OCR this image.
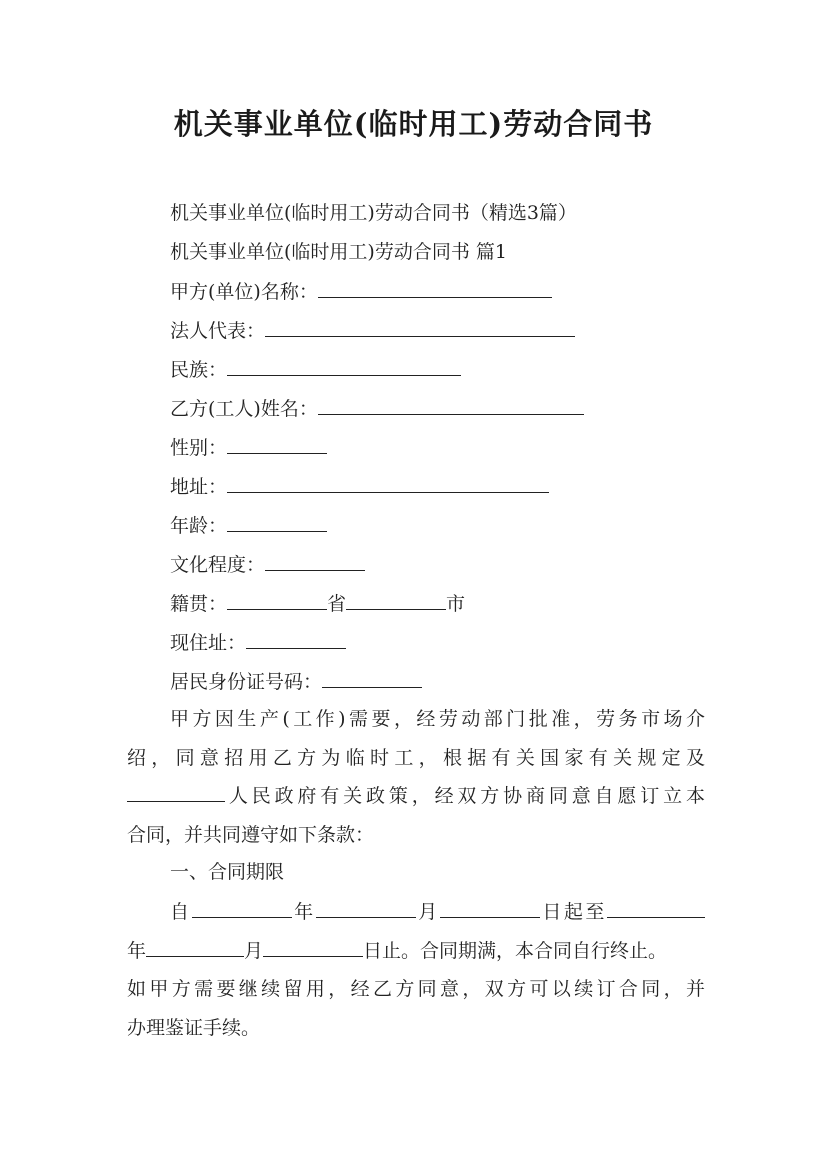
机关事业单位(临时用工)劳动合同书
机关事业单位(临时用工)劳动合同书（精选3篇）
机关事业单位(临时用工)劳动合同书 篇1
甲方(单位)名称：
法人代表：
民族：
乙方(工人)姓名：
性别：
地址：
年龄：
文化程度：
籍贯：	省	市
现住址：
居民身份证号码：
甲方因生产(工作)需要，经劳动部门批准，劳务市场介
绍，同意招用乙方为临时工，根据有关国家有关规定及
人民政府有关政策，经双方协商同意自愿订立本
合同，并共同遵守如下条款：
一、合同期限
自	年	月	日起至
年	月	日止。合同期满，本合同自行终止。
如甲方需要继续留用，经乙方同意，双方可以续订合同，并
办理鉴证手续。
